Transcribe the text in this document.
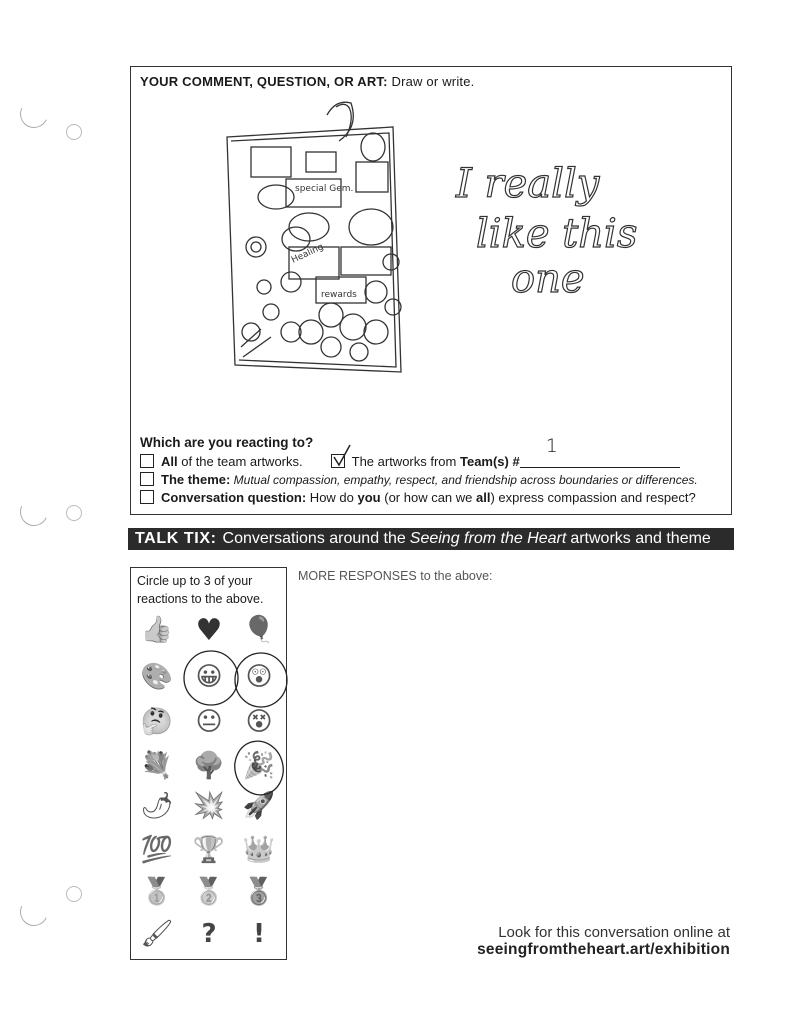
YOUR COMMENT, QUESTION, OR ART: Draw or write.
special Gem.
Healing
rewards
I really
like this
one
Which are you reacting to?
All of the team artworks.	The artworks from Team(s) #
1
The theme: Mutual compassion, empathy, respect, and friendship across boundaries or differences.
Conversation question: How do you (or how can we all) express compassion and respect?
TALK TIX: Conversations around the Seeing from the Heart artworks and theme
Circle up to 3 of your reactions to the above.
👍 ♥ 🎈
🎨 😀 😲
🤔 😐 😵
💐 🌳 🎉
🌶 💥 🚀
💯 🏆 👑
🥇 🥈 🥉
🖌	?	!
MORE RESPONSES to the above:
Look for this conversation online at
seeingfromtheheart.art/exhibition
